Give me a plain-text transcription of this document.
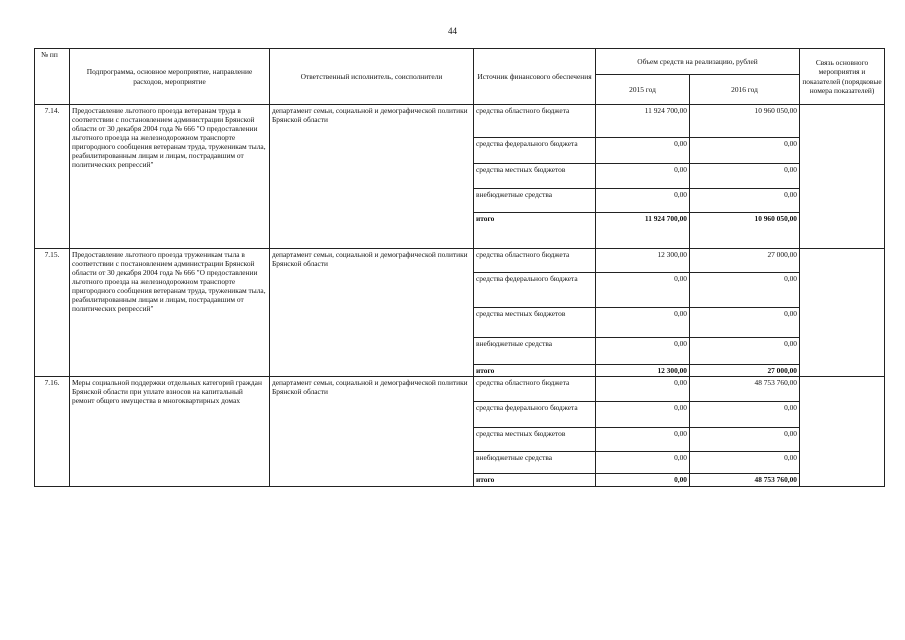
44
№ пп	Подпрограмма, основное мероприятие, направление расходов, мероприятие	Ответственный исполнитель, соисполнители	Источник финансового обеспечения	Объем средств на реализацию, рублей		Связь основного мероприятия и показателей (порядковые номера показателей)
				2015 год	2016 год	
7.14.	Предоставление льготного проезда ветеранам труда в соответствии с постановлением администрации Брянской области от 30 декабря 2004 года № 666 "О предоставлении льготного проезда на железнодорожном транспорте пригородного сообщения ветеранам труда, труженикам тыла, реабилитированным лицам и лицам, пострадавшим от политических репрессий"	департамент семьи, социальной и демографической политики Брянской области	средства областного бюджета	11 924 700,00	10 960 050,00	
			средства федерального бюджета	0,00	0,00	
			средства местных бюджетов	0,00	0,00	
			внебюджетные средства	0,00	0,00	
			итого	11 924 700,00	10 960 050,00	
7.15.	Предоставление льготного проезда труженикам тыла в соответствии с постановлением администрации Брянской области от 30 декабря 2004 года № 666 "О предоставлении льготного проезда на железнодорожном транспорте пригородного сообщения ветеранам труда, труженикам тыла, реабилитированным лицам и лицам, пострадавшим от политических репрессий"	департамент семьи, социальной и демографической политики Брянской области	средства областного бюджета	12 300,00	27 000,00	
			средства федерального бюджета	0,00	0,00	
			средства местных бюджетов	0,00	0,00	
			внебюджетные средства	0,00	0,00	
			итого	12 300,00	27 000,00	
7.16.	Меры социальной поддержки отдельных категорий граждан Брянской области при уплате взносов на капитальный ремонт общего имущества в многоквартирных домах	департамент семьи, социальной и демографической политики Брянской области	средства областного бюджета	0,00	48 753 760,00	
			средства федерального бюджета	0,00	0,00	
			средства местных бюджетов	0,00	0,00	
			внебюджетные средства	0,00	0,00	
			итого	0,00	48 753 760,00	
